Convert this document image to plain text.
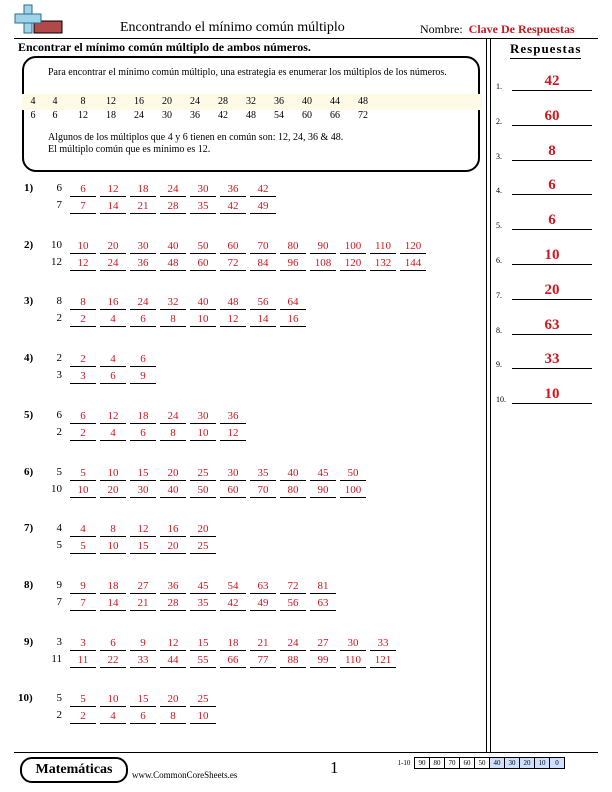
Encontrando el mínimo común múltiplo	Nombre: Clave De Respuestas
Encontrar el mínimo común múltiplo de ambos números.
Para encontrar el mínimo común múltiplo, una estrategia es enumerar los múltiplos de los números.
4	4	8	12	16	20	24	28	32	36	40	44	48
6	6	12	18	24	30	36	42	48	54	60	66	72
Algunos de los múltiplos que 4 y 6 tienen en común son: 12, 24, 36 & 48.
El múltiplo común que es mínimo es 12.
1)	6
7
6	12	18	24	30	36	42
7	14	21	28	35	42	49
2)	10
12
10	20	30	40	50	60	70	80	90	100	110	120
12	24	36	48	60	72	84	96	108	120	132	144
3)	8
2
8	16	24	32	40	48	56	64
2	4	6	8	10	12	14	16
4)	2
3
2	4	6
3	6	9
5)	6
2
6	12	18	24	30	36
2	4	6	8	10	12
6)	5
10
5	10	15	20	25	30	35	40	45	50
10	20	30	40	50	60	70	80	90	100
7)	4
5
4	8	12	16	20
5	10	15	20	25
8)	9
7
9	18	27	36	45	54	63	72	81
7	14	21	28	35	42	49	56	63
9)	3
11
3	6	9	12	15	18	21	24	27	30	33
11	22	33	44	55	66	77	88	99	110	121
10)	5
2
5	10	15	20	25
2	4	6	8	10
Respuestas
1.	42
2.	60
3.	8
4.	6
5.	6
6.	10
7.	20
8.	63
9.	33
10.	10
Matemáticas	www.CommonCoreSheets.es	1	1-10 90 80 70 60 50 40 30 20 10 0
